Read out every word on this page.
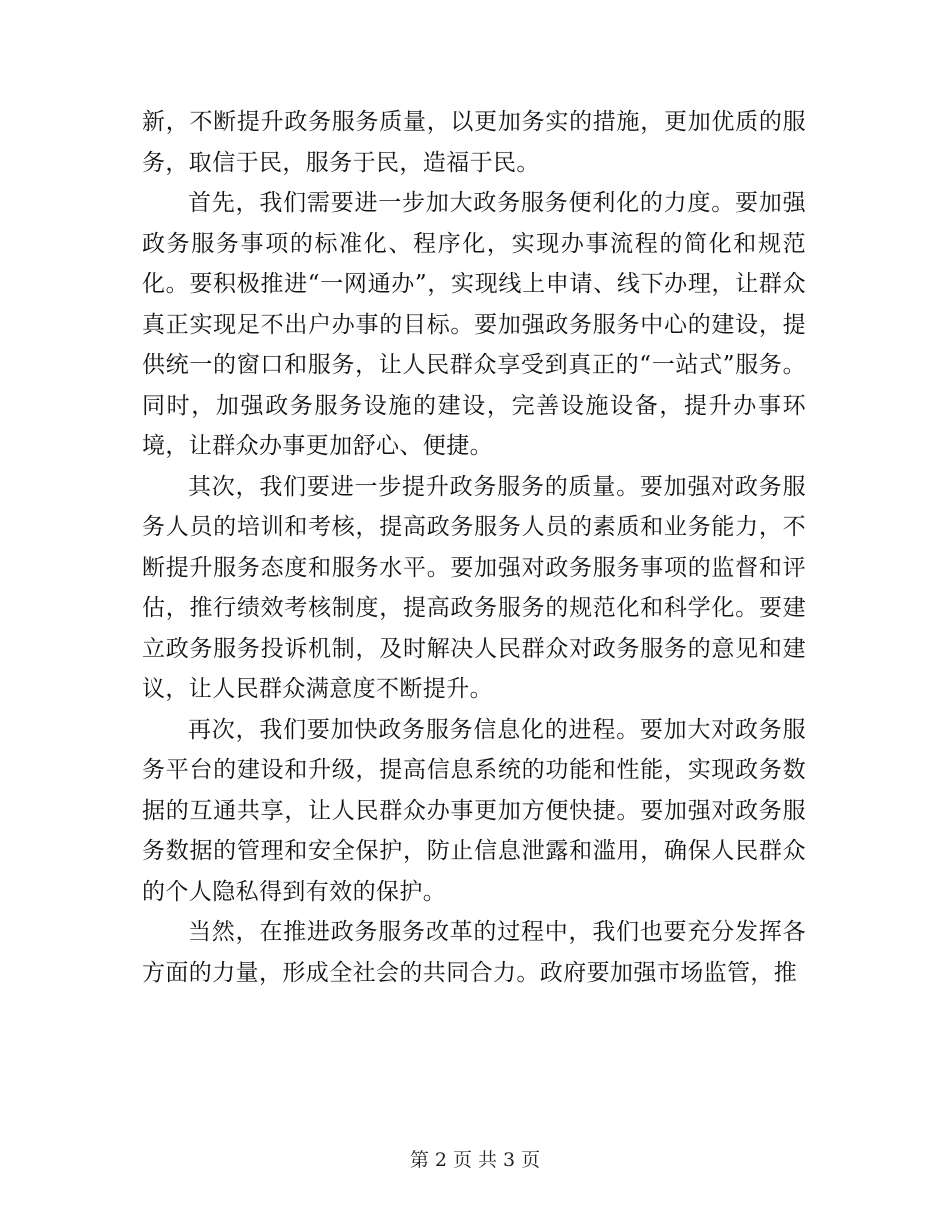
新，不断提升政务服务质量，以更加务实的措施，更加优质的服务，取信于民，服务于民，造福于民。

首先，我们需要进一步加大政务服务便利化的力度。要加强政务服务事项的标准化、程序化，实现办事流程的简化和规范化。要积极推进“一网通办”，实现线上申请、线下办理，让群众真正实现足不出户办事的目标。要加强政务服务中心的建设，提供统一的窗口和服务，让人民群众享受到真正的“一站式”服务。同时，加强政务服务设施的建设，完善设施设备，提升办事环境，让群众办事更加舒心、便捷。

其次，我们要进一步提升政务服务的质量。要加强对政务服务人员的培训和考核，提高政务服务人员的素质和业务能力，不断提升服务态度和服务水平。要加强对政务服务事项的监督和评估，推行绩效考核制度，提高政务服务的规范化和科学化。要建立政务服务投诉机制，及时解决人民群众对政务服务的意见和建议，让人民群众满意度不断提升。

再次，我们要加快政务服务信息化的进程。要加大对政务服务平台的建设和升级，提高信息系统的功能和性能，实现政务数据的互通共享，让人民群众办事更加方便快捷。要加强对政务服务数据的管理和安全保护，防止信息泄露和滥用，确保人民群众的个人隐私得到有效的保护。

当然，在推进政务服务改革的过程中，我们也要充分发挥各方面的力量，形成全社会的共同合力。政府要加强市场监管，推

第 2 页 共 3 页
